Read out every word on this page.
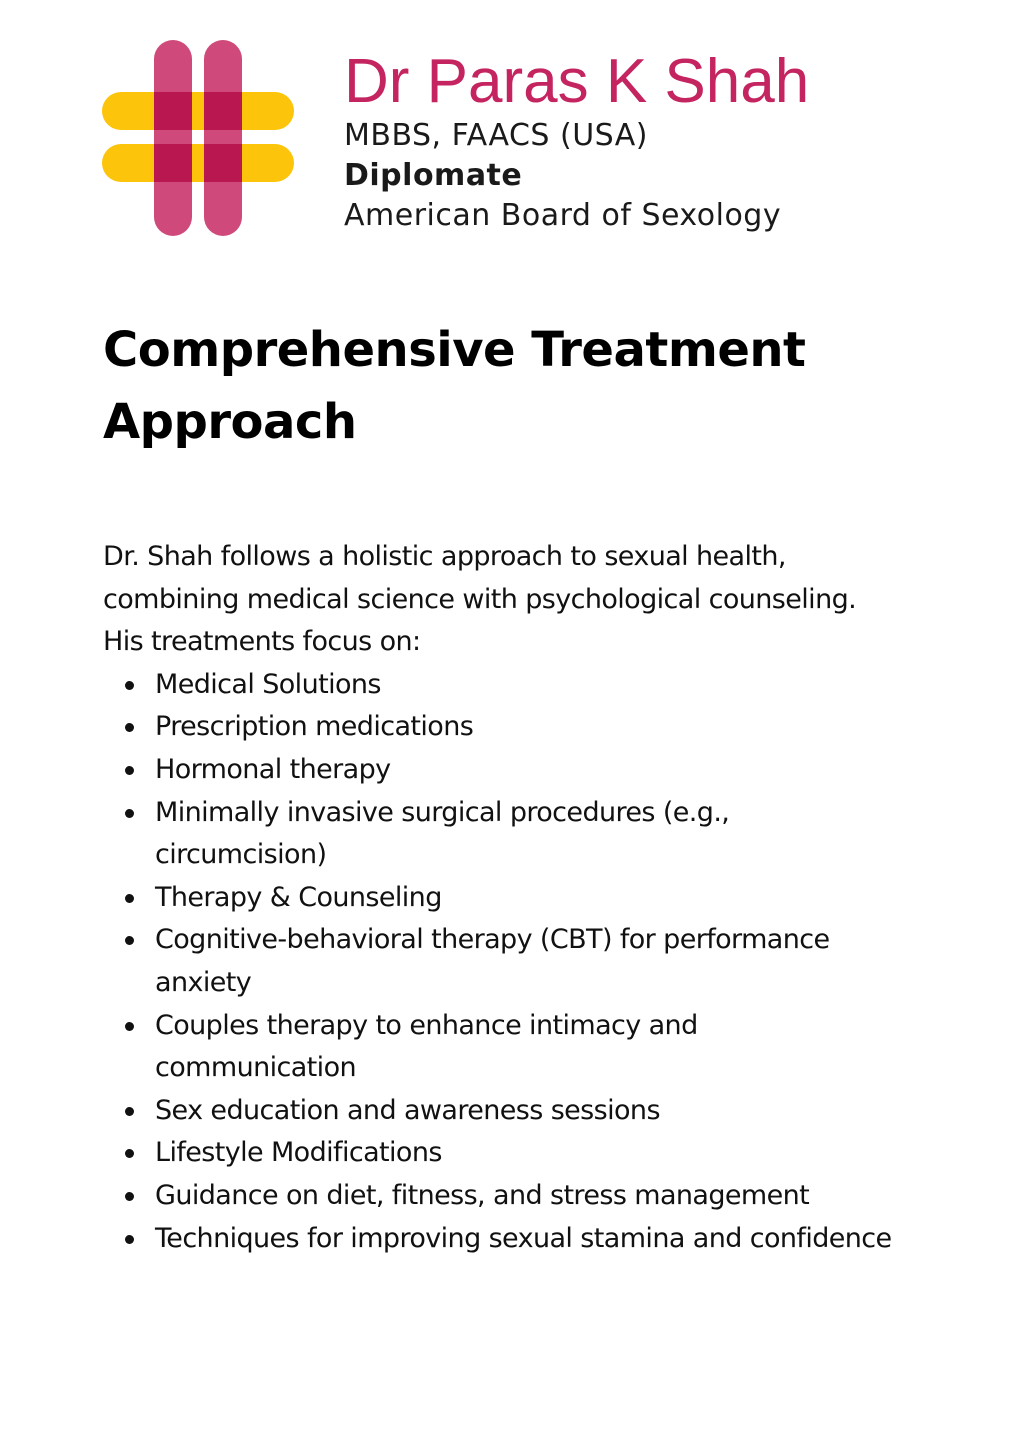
Dr Paras K Shah
MBBS, FAACS (USA)
Diplomate
American Board of Sexology
Comprehensive Treatment Approach

Dr. Shah follows a holistic approach to sexual health, combining medical science with psychological counseling. His treatments focus on:

Medical Solutions
Prescription medications
Hormonal therapy
Minimally invasive surgical procedures (e.g., circumcision)
Therapy & Counseling
Cognitive-behavioral therapy (CBT) for performance anxiety
Couples therapy to enhance intimacy and communication
Sex education and awareness sessions
Lifestyle Modifications
Guidance on diet, fitness, and stress management
Techniques for improving sexual stamina and confidence
